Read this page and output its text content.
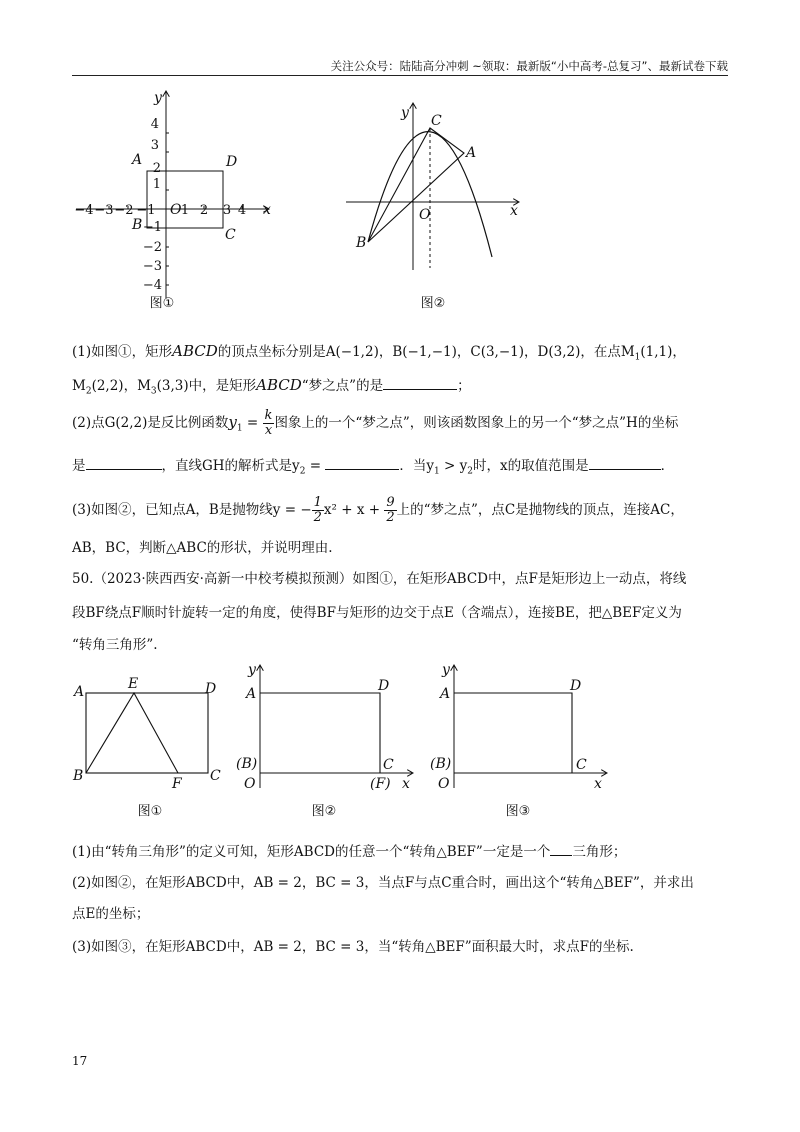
关注公众号：陆陆高分冲刺 ~领取：最新版“小中高考-总复习”、最新试卷下载
−4 −3 −2 −1 1 2 3 4
4
3
2
1
−1
−2
−3
−4
O	x
y
A
B
C
D
图①
O	x
y
A
B
C
图②
(1)如图①，矩形ABCD的顶点坐标分别是A(−1,2)，B(−1,−1)，C(3,−1)，D(3,2)，在点$M_1(1,1)$，
$M_2(2,2)$，$M_3(3,3)$中，是矩形ABCD“梦之点”的是	；
(2)点G(2,2)是反比例函数$y_1 = \frac{k}{x}$ 图象上的一个“梦之点”，则该函数图象上的另一个“梦之点”H的坐标
是	，直线GH的解析式是$y_2$ =	．当$y_1 > y_2$时，x的取值范围是	．
(3)如图②，已知点A，B是抛物线y = − $\frac{1}{2} x^2 + x + \frac{9}{2}$ 上的“梦之点”，点C是抛物线的顶点，连接AC，
AB，BC，判断△ABC的形状，并说明理由.
50.（2023·陕西西安·高新一中校考模拟预测）如图①，在矩形ABCD中，点F是矩形边上一动点，将线
段BF绕点F顺时针旋转一定的角度，使得BF与矩形的边交于点E（含端点），连接BE，把△BEF定义为
“转角三角形”.
A	E	D
B	F C
图①
y
A	D
(B)	C
O	(F) x
图②
y
A	D
(B)	C
O	x
图③
(1)由“转角三角形”的定义可知，矩形ABCD的任意一个“转角△BEF”一定是一个 三角形；
(2)如图②，在矩形ABCD中，AB = 2，BC = 3，当点F与点C重合时，画出这个“转角△BEF”，并求出
点E的坐标；
(3)如图③，在矩形ABCD中，AB = 2，BC = 3，当“转角△BEF”面积最大时，求点F的坐标.
17
